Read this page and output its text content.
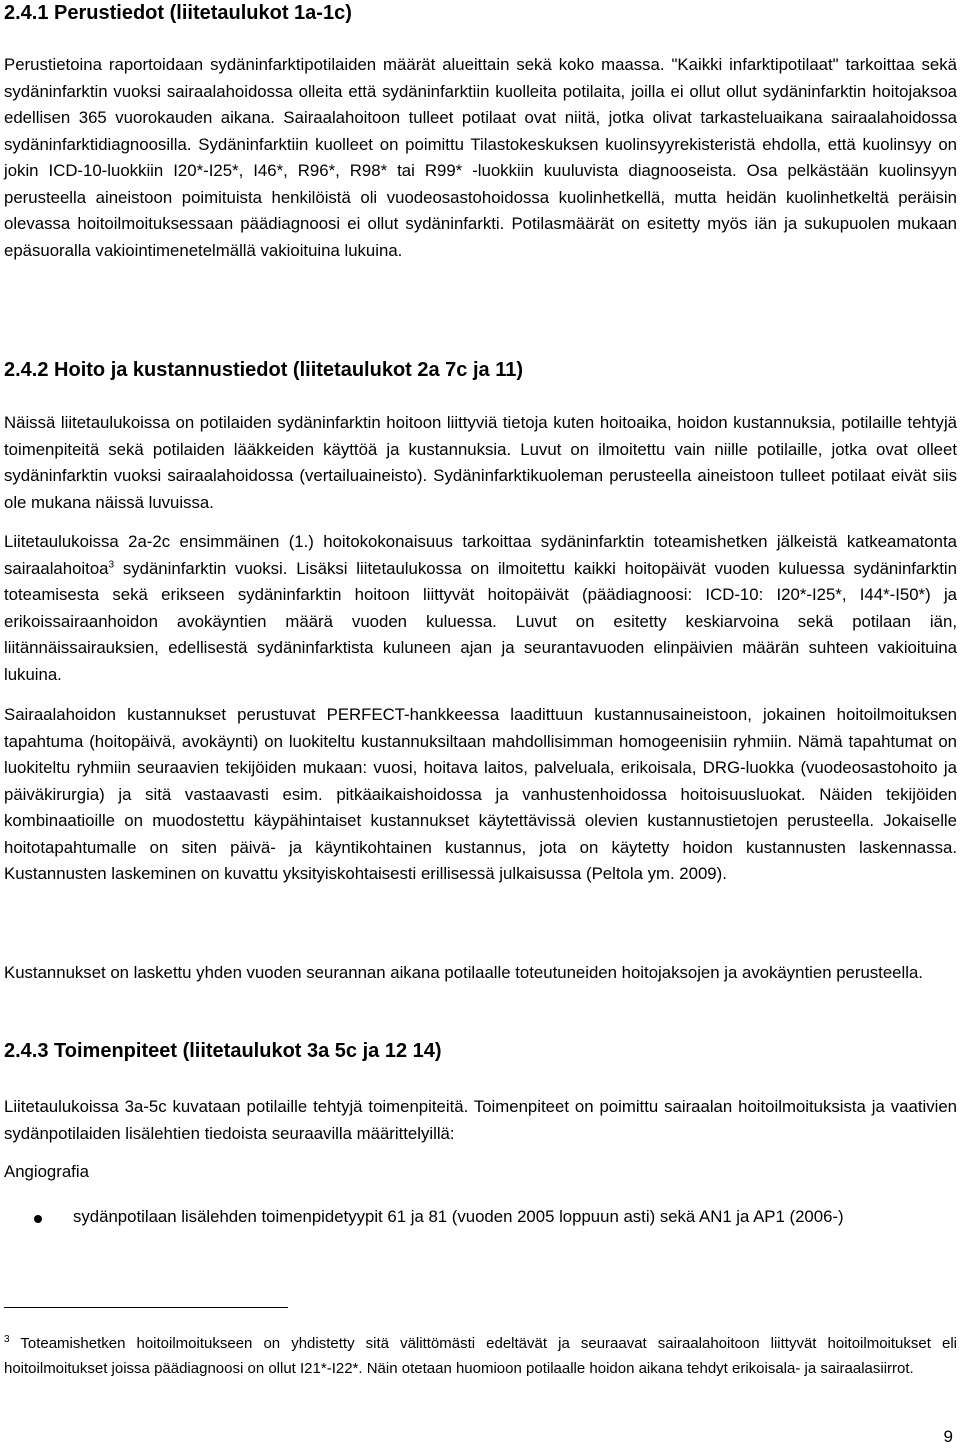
2.4.1 Perustiedot (liitetaulukot 1a-1c)

Perustietoina raportoidaan sydäninfarktipotilaiden määrät alueittain sekä koko maassa. "Kaikki infarktipotilaat" tarkoittaa sekä sydäninfarktin vuoksi sairaalahoidossa olleita että sydäninfarktiin kuolleita potilaita, joilla ei ollut ollut sydäninfarktin hoitojaksoa edellisen 365 vuorokauden aikana. Sairaalahoitoon tulleet potilaat ovat niitä, jotka olivat tarkasteluaikana sairaalahoidossa sydäninfarktidiagnoosilla. Sydäninfarktiin kuolleet on poimittu Tilastokeskuksen kuolinsyyrekisteristä ehdolla, että kuolinsyy on jokin ICD-10-luokkiin I20*-I25*, I46*, R96*, R98* tai R99* -luokkiin kuuluvista diagnooseista. Osa pelkästään kuolinsyyn perusteella aineistoon poimituista henkilöistä oli vuodeosastohoidossa kuolinhetkellä, mutta heidän kuolinhetkeltä peräisin olevassa hoitoilmoituksessaan päädiagnoosi ei ollut sydäninfarkti. Potilasmäärät on esitetty myös iän ja sukupuolen mukaan epäsuoralla vakiointimenetelmällä vakioituina lukuina.

2.4.2 Hoito ja kustannustiedot (liitetaulukot 2a 7c ja 11)

Näissä liitetaulukoissa on potilaiden sydäninfarktin hoitoon liittyviä tietoja kuten hoitoaika, hoidon kustannuksia, potilaille tehtyjä toimenpiteitä sekä potilaiden lääkkeiden käyttöä ja kustannuksia. Luvut on ilmoitettu vain niille potilaille, jotka ovat olleet sydäninfarktin vuoksi sairaalahoidossa (vertailuaineisto). Sydäninfarktikuoleman perusteella aineistoon tulleet potilaat eivät siis ole mukana näissä luvuissa.

Liitetaulukoissa 2a-2c ensimmäinen (1.) hoitokokonaisuus tarkoittaa sydäninfarktin toteamishetken jälkeistä katkeamatonta sairaalahoitoa$^3$ sydäninfarktin vuoksi. Lisäksi liitetaulukossa on ilmoitettu kaikki hoitopäivät vuoden kuluessa sydäninfarktin toteamisesta sekä erikseen sydäninfarktin hoitoon liittyvät hoitopäivät (päädiagnoosi: ICD-10: I20*-I25*, I44*-I50*) ja erikoissairaanhoidon avokäyntien määrä vuoden kuluessa. Luvut on esitetty keskiarvoina sekä potilaan iän, liitännäissairauksien, edellisestä sydäninfarktista kuluneen ajan ja seurantavuoden elinpäivien määrän suhteen vakioituina lukuina.

Sairaalahoidon kustannukset perustuvat PERFECT-hankkeessa laadittuun kustannusaineistoon, jokainen hoitoilmoituksen tapahtuma (hoitopäivä, avokäynti) on luokiteltu kustannuksiltaan mahdollisimman homogeenisiin ryhmiin. Nämä tapahtumat on luokiteltu ryhmiin seuraavien tekijöiden mukaan: vuosi, hoitava laitos, palveluala, erikoisala, DRG-luokka (vuodeosastohoito ja päiväkirurgia) ja sitä vastaavasti esim. pitkäaikaishoidossa ja vanhustenhoidossa hoitoisuusluokat. Näiden tekijöiden kombinaatioille on muodostettu käypähintaiset kustannukset käytettävissä olevien kustannustietojen perusteella. Jokaiselle hoitotapahtumalle on siten päivä- ja käyntikohtainen kustannus, jota on käytetty hoidon kustannusten laskennassa. Kustannusten laskeminen on kuvattu yksityiskohtaisesti erillisessä julkaisussa (Peltola ym. 2009).

Kustannukset on laskettu yhden vuoden seurannan aikana potilaalle toteutuneiden hoitojaksojen ja avokäyntien perusteella.

2.4.3 Toimenpiteet (liitetaulukot 3a 5c ja 12 14)

Liitetaulukoissa 3a-5c kuvataan potilaille tehtyjä toimenpiteitä. Toimenpiteet on poimittu sairaalan hoitoilmoituksista ja vaativien sydänpotilaiden lisälehtien tiedoista seuraavilla määrittelyillä:

Angiografia

sydänpotilaan lisälehden toimenpidetyypit 61 ja 81 (vuoden 2005 loppuun asti) sekä AN1 ja AP1 (2006-)
$^3$ Toteamishetken hoitoilmoitukseen on yhdistetty sitä välittömästi edeltävät ja seuraavat sairaalahoitoon liittyvät hoitoilmoitukset eli hoitoilmoitukset joissa päädiagnoosi on ollut I21*-I22*. Näin otetaan huomioon potilaalle hoidon aikana tehdyt erikoisala- ja sairaalasiirrot.
9
